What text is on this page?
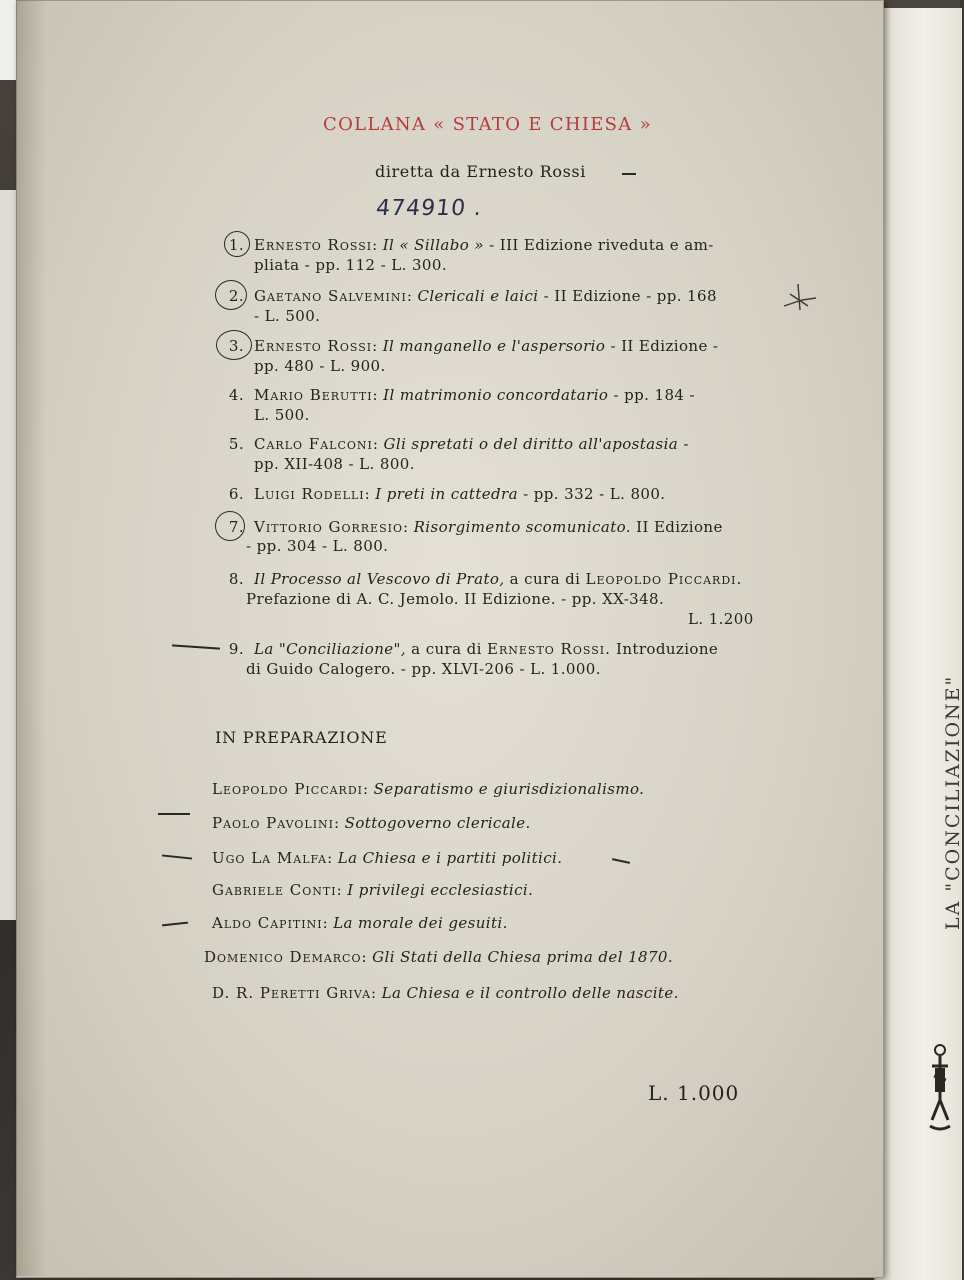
LA "CONCILIAZIONE"
COLLANA « STATO E CHIESA »
diretta da Ernesto Rossi
474910 .
1. Ernesto Rossi: Il « Sillabo » - III Edizione riveduta e am-
pliata - pp. 112 - L. 300.
2. Gaetano Salvemini: Clericali e laici - II Edizione - pp. 168
- L. 500.
3. Ernesto Rossi: Il manganello e l'aspersorio - II Edizione -
pp. 480 - L. 900.
4. Mario Berutti: Il matrimonio concordatario - pp. 184 -
L. 500.
5. Carlo Falconi: Gli spretati o del diritto all'apostasia -
pp. XII-408 - L. 800.
6. Luigi Rodelli: I preti in cattedra - pp. 332 - L. 800.
7. Vittorio Gorresio: Risorgimento scomunicato. II Edizione
- pp. 304 - L. 800.
8. Il Processo al Vescovo di Prato, a cura di Leopoldo Piccardi.
Prefazione di A. C. Jemolo. II Edizione. - pp. XX-348.
L. 1.200
9. La "Conciliazione", a cura di Ernesto Rossi. Introduzione
di Guido Calogero. - pp. XLVI-206 - L. 1.000.
IN PREPARAZIONE
Leopoldo Piccardi: Separatismo e giurisdizionalismo.
Paolo Pavolini: Sottogoverno clericale.
Ugo La Malfa: La Chiesa e i partiti politici.
Gabriele Conti: I privilegi ecclesiastici.
Aldo Capitini: La morale dei gesuiti.
Domenico Demarco: Gli Stati della Chiesa prima del 1870.
D. R. Peretti Griva: La Chiesa e il controllo delle nascite.
L. 1.000
